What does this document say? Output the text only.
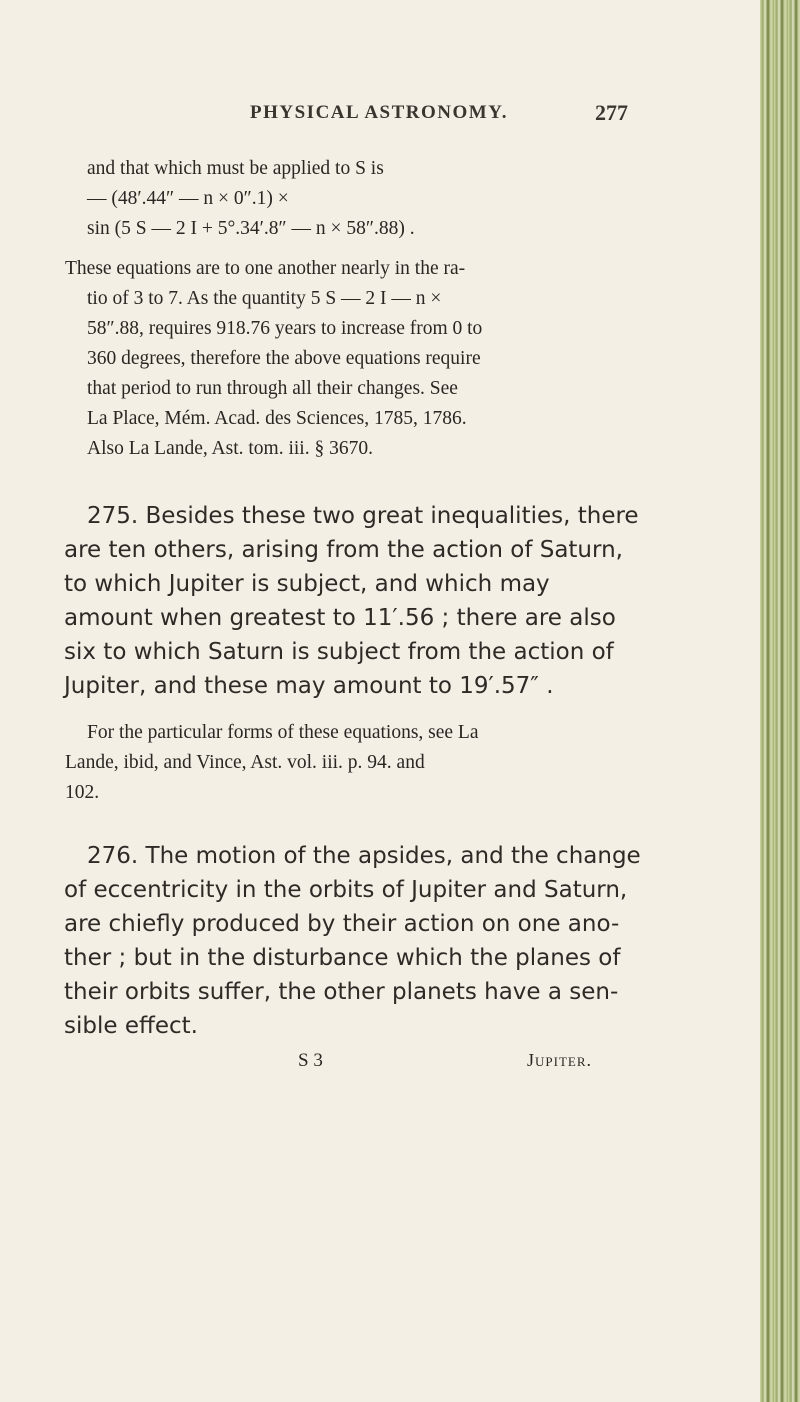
PHYSICAL ASTRONOMY.	277
and that which must be applied to S is
— (48′.44″ — n × 0″.1) ×
sin (5 S — 2 I + 5°.34′.8″ — n × 58″.88) .
These equations are to one another nearly in the ra-
tio of 3 to 7. As the quantity 5 S — 2 I — n ×
58″.88, requires 918.76 years to increase from 0 to
360 degrees, therefore the above equations require
that period to run through all their changes. See
La Place, Mém. Acad. des Sciences, 1785, 1786.
Also La Lande, Ast. tom. iii. § 3670.
275. Besides these two great inequalities, there
are ten others, arising from the action of Saturn,
to which Jupiter is subject, and which may
amount when greatest to 11′.56 ; there are also
six to which Saturn is subject from the action of
Jupiter, and these may amount to 19′.57″ .
For the particular forms of these equations, see La
Lande, ibid, and Vince, Ast. vol. iii. p. 94. and
102.
276. The motion of the apsides, and the change
of eccentricity in the orbits of Jupiter and Saturn,
are chiefly produced by their action on one ano-
ther ; but in the disturbance which the planes of
their orbits suffer, the other planets have a sen-
sible effect.
S 3	Jupiter.
